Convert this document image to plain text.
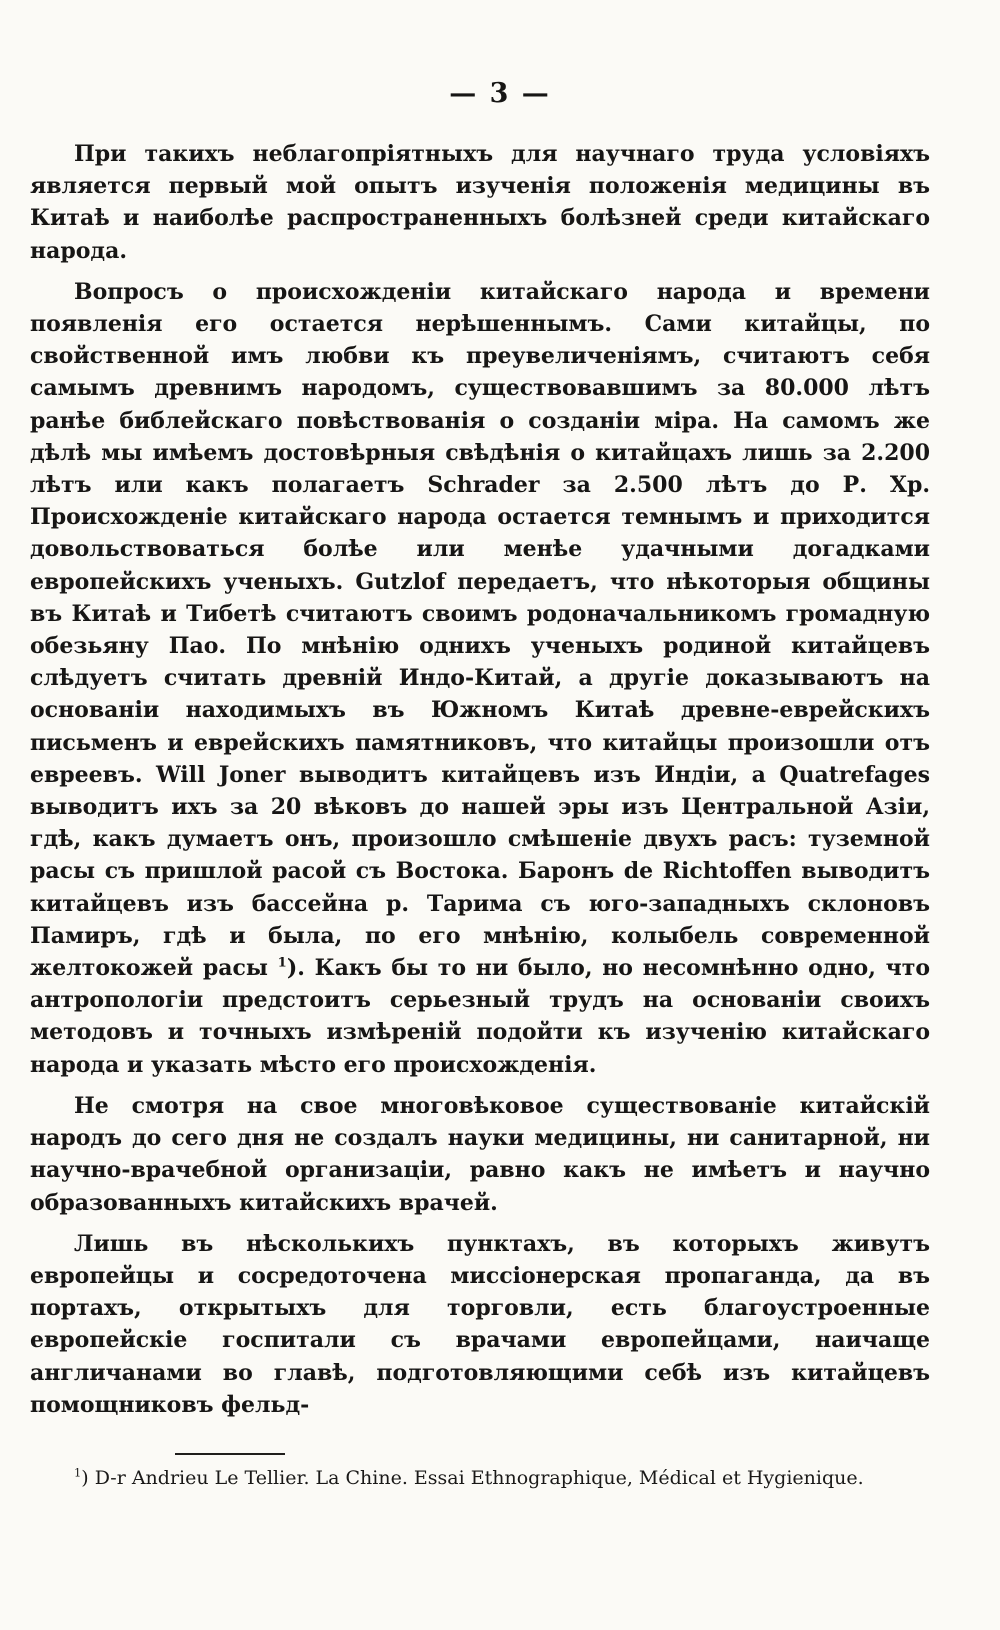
— 3 —

При такихъ неблагопріятныхъ для научнаго труда условіяхъ является первый мой опытъ изученія положенія медицины въ Китаѣ и наиболѣе распространенныхъ болѣзней среди китайскаго народа.

Вопросъ о происхожденіи китайскаго народа и времени появленія его остается нерѣшеннымъ. Сами китайцы, по свойственной имъ любви къ преувеличеніямъ, считаютъ себя самымъ древнимъ народомъ, существовавшимъ за 80.000 лѣтъ ранѣе библейскаго повѣствованія о созданіи міра. На самомъ же дѣлѣ мы имѣемъ достовѣрныя свѣдѣнія о китайцахъ лишь за 2.200 лѣтъ или какъ полагаетъ Schrader за 2.500 лѣтъ до Р. Хр. Происхожденіе китайскаго народа остается темнымъ и приходится довольствоваться болѣе или менѣе удачными догадками европейскихъ ученыхъ. Gutzlof передаетъ, что нѣкоторыя общины въ Китаѣ и Тибетѣ считаютъ своимъ родоначальникомъ громадную обезьяну Пао. По мнѣнію однихъ ученыхъ родиной китайцевъ слѣдуетъ считать древній Индо-Китай, а другіе доказываютъ на основаніи находимыхъ въ Южномъ Китаѣ древне-еврейскихъ письменъ и еврейскихъ памятниковъ, что китайцы произошли отъ евреевъ. Will Joner выводитъ китайцевъ изъ Индіи, а Quatrefages выводитъ ихъ за 20 вѣковъ до нашей эры изъ Центральной Азіи, гдѣ, какъ думаетъ онъ, произошло смѣшеніе двухъ расъ: туземной расы съ пришлой расой съ Востока. Баронъ de Richtoffen выводитъ китайцевъ изъ бассейна р. Тарима съ юго-западныхъ склоновъ Памиръ, гдѣ и была, по его мнѣнію, колыбель современной желтокожей расы $^1$). Какъ бы то ни было, но несомнѣнно одно, что антропологіи предстоитъ серьезный трудъ на основаніи своихъ методовъ и точныхъ измѣреній подойти къ изученію китайскаго народа и указать мѣсто его происхожденія.

Не смотря на свое многовѣковое существованіе китайскій народъ до сего дня не создалъ науки медицины, ни санитарной, ни научно-врачебной организаціи, равно какъ не имѣетъ и научно образованныхъ китайскихъ врачей.

Лишь въ нѣсколькихъ пунктахъ, въ которыхъ живутъ европейцы и сосредоточена миссіонерская пропаганда, да въ портахъ, открытыхъ для торговли, есть благоустроенные европейскіе госпитали съ врачами европейцами, наичаще англичанами во главѣ, подготовляющими себѣ изъ китайцевъ помощниковъ фельд-

$^1$) D-r Andrieu Le Tellier. La Chine. Essai Ethnographique, Médical et Hygienique.
